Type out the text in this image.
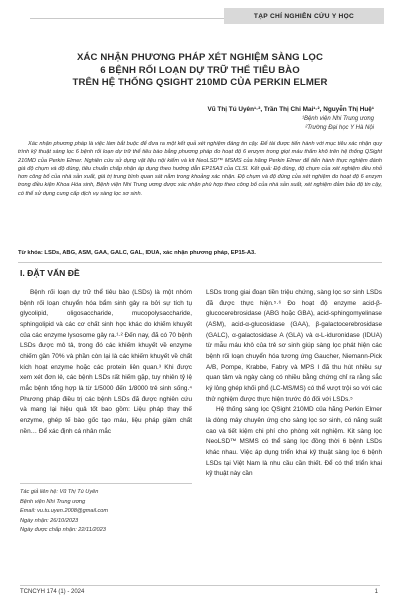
TẠP CHÍ NGHIÊN CỨU Y HỌC
XÁC NHẬN PHƯƠNG PHÁP XÉT NGHIỆM SÀNG LỌC
6 BỆNH RỐI LOẠN DỰ TRỮ THỂ TIÊU BÀO
TRÊN HỆ THỐNG QSIGHT 210MD CỦA PERKIN ELMER
Vũ Thị Tú Uyên¹·², Trần Thị Chi Mai¹·², Nguyễn Thị Huệ¹
¹Bệnh viện Nhi Trung ương
²Trường Đại học Y Hà Nội

Xác nhận phương pháp là việc làm bắt buộc để đưa ra một kết quả xét nghiệm đáng tin cậy. Để tài được tiến hành với mục tiêu xác nhận quy trình kỹ thuật sàng lọc 6 bệnh rối loạn dự trữ thể tiêu bào bằng phương pháp đo hoạt độ 6 enzym trong giọt máu thấm khô trên hệ thống QSight 210MD của Perkin Elmer. Nghiên cứu sử dụng vật liệu nội kiểm và kit NeoLSD™ MSMS của hãng Perkin Elmer để tiến hành thực nghiệm đánh giá độ chụm và độ đúng, tiêu chuẩn chấp nhận áp dụng theo hướng dẫn EP15A3 của CLSI. Kết quả: Độ đúng, độ chụm của xét nghiệm đều nhỏ hơn công bố của nhà sản xuất, giá trị trung bình quan sát nằm trong khoảng xác nhận. Độ chụm và độ đúng của xét nghiệm đo hoạt độ 6 enzym trong điều kiện Khoa Hóa sinh, Bệnh viện Nhi Trung ương được xác nhận phù hợp theo công bố của nhà sản xuất, xét nghiệm đảm bảo độ tin cậy, có thể sử dụng cung cấp dịch vụ sàng lọc sơ sinh.

Từ khóa: LSDs, ABG, ASM, GAA, GALC, GAL, IDUA, xác nhận phương pháp, EP15-A3.
I. ĐẶT VẤN ĐỀ

Bệnh rối loạn dự trữ thể tiêu bào (LSDs) là một nhóm bệnh rối loạn chuyển hóa bẩm sinh gây ra bởi sự tích tụ glycolipid, oligosaccharide, mucopolysaccharide, sphingolipid và các cơ chất sinh học khác do khiếm khuyết của các enzyme lysosome gây ra.¹·² Đến nay, đã có 70 bệnh LSDs được mô tả, trong đó các khiếm khuyết về enzyme chiếm gần 70% và phần còn lại là các khiếm khuyết về chất kích hoạt enzyme hoặc các protein liên quan.³ Khi được xem xét đơn lẻ, các bệnh LSDs rất hiếm gặp, tuy nhiên tỷ lệ mắc bệnh tổng hợp là từ 1/5000 đến 1/8000 trẻ sinh sống.⁴ Phương pháp điều trị các bệnh LSDs đã được nghiên cứu và mang lại hiệu quả tốt bao gồm: Liệu pháp thay thế enzyme, ghép tế bào gốc tạo máu, liệu pháp giảm chất nền… Để xác định cá nhân mắc

Tác giả liên hệ: Vũ Thị Tú Uyên
Bệnh viện Nhi Trung ương
Email: vu.tu.uyen.2008@gmail.com
Ngày nhận: 26/10/2023
Ngày được chấp nhận: 22/11/2023

LSDs trong giai đoạn tiền triệu chứng, sàng lọc sơ sinh LSDs đã được thực hiện.⁵·⁶ Đo hoạt độ enzyme acid-β-glucocerebrosidase (ABG hoặc GBA), acid-sphingomyelinase (ASM), acid-α-glucosidase (GAA), β-galactocerebrosidase (GALC), α-galactosidase A (GLA) và α-L-iduronidase (IDUA) từ mẫu máu khô của trẻ sơ sinh giúp sàng lọc phát hiện các bệnh rối loạn chuyển hóa tương ứng Gaucher, Niemann-Pick A/B, Pompe, Krabbe, Fabry và MPS I đã thu hút nhiều sự quan tâm và ngày càng có nhiều bằng chứng chỉ ra rằng sắc ký lỏng ghép khối phổ (LC-MS/MS) có thể vượt trội so với các thử nghiệm được thực hiện trước đó đối với LSDs.⁵

Hệ thống sàng lọc QSight 210MD của hãng Perkin Elmer là dòng máy chuyên ứng cho sàng lọc sơ sinh, có năng suất cao và tiết kiệm chi phí cho phòng xét nghiệm. Kit sàng lọc NeoLSD™ MSMS có thể sàng lọc đồng thời 6 bệnh LSDs khác nhau. Việc áp dụng triển khai kỹ thuật sàng lọc 6 bệnh LSDs tại Việt Nam là nhu cầu cần thiết. Để có thể triển khai kỹ thuật này cần

TCNCYH 174 (1) - 2024	1
